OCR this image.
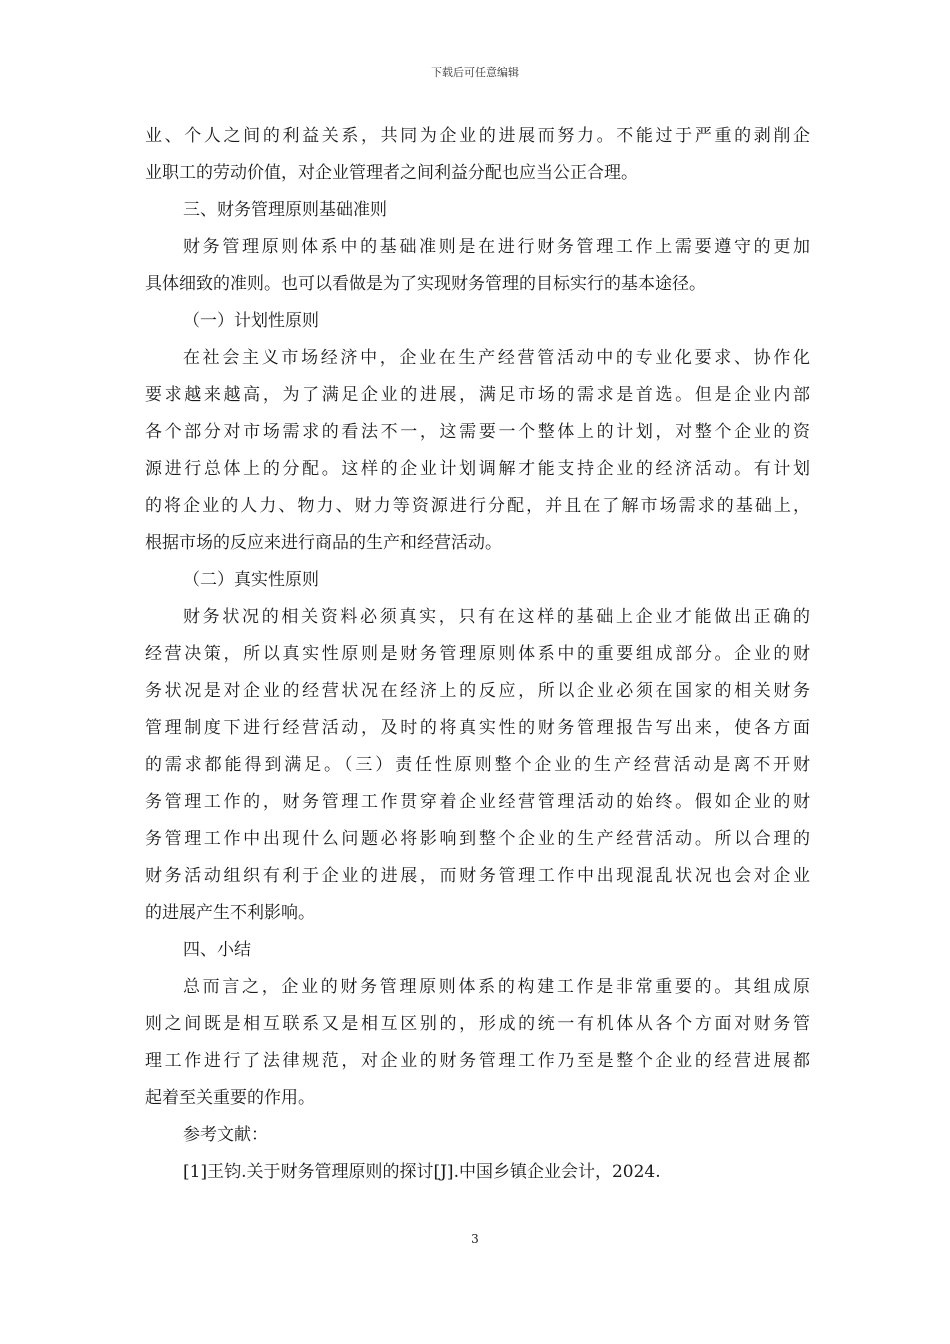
下载后可任意编辑
业、个人之间的利益关系，共同为企业的进展而努力。不能过于严重的剥削企
业职工的劳动价值，对企业管理者之间利益分配也应当公正合理。
三、财务管理原则基础准则
财务管理原则体系中的基础准则是在进行财务管理工作上需要遵守的更加
具体细致的准则。也可以看做是为了实现财务管理的目标实行的基本途径。
（一）计划性原则
在社会主义市场经济中，企业在生产经营管活动中的专业化要求、协作化
要求越来越高，为了满足企业的进展，满足市场的需求是首选。但是企业内部
各个部分对市场需求的看法不一，这需要一个整体上的计划，对整个企业的资
源进行总体上的分配。这样的企业计划调解才能支持企业的经济活动。有计划
的将企业的人力、物力、财力等资源进行分配，并且在了解市场需求的基础上，
根据市场的反应来进行商品的生产和经营活动。
（二）真实性原则
财务状况的相关资料必须真实，只有在这样的基础上企业才能做出正确的
经营决策，所以真实性原则是财务管理原则体系中的重要组成部分。企业的财
务状况是对企业的经营状况在经济上的反应，所以企业必须在国家的相关财务
管理制度下进行经营活动，及时的将真实性的财务管理报告写出来，使各方面
的需求都能得到满足。（三）责任性原则整个企业的生产经营活动是离不开财
务管理工作的，财务管理工作贯穿着企业经营管理活动的始终。假如企业的财
务管理工作中出现什么问题必将影响到整个企业的生产经营活动。所以合理的
财务活动组织有利于企业的进展，而财务管理工作中出现混乱状况也会对企业
的进展产生不利影响。
四、小结
总而言之，企业的财务管理原则体系的构建工作是非常重要的。其组成原
则之间既是相互联系又是相互区别的，形成的统一有机体从各个方面对财务管
理工作进行了法律规范，对企业的财务管理工作乃至是整个企业的经营进展都
起着至关重要的作用。
参考文献：
[1]王钧.关于财务管理原则的探讨[J].中国乡镇企业会计，2024.
3
